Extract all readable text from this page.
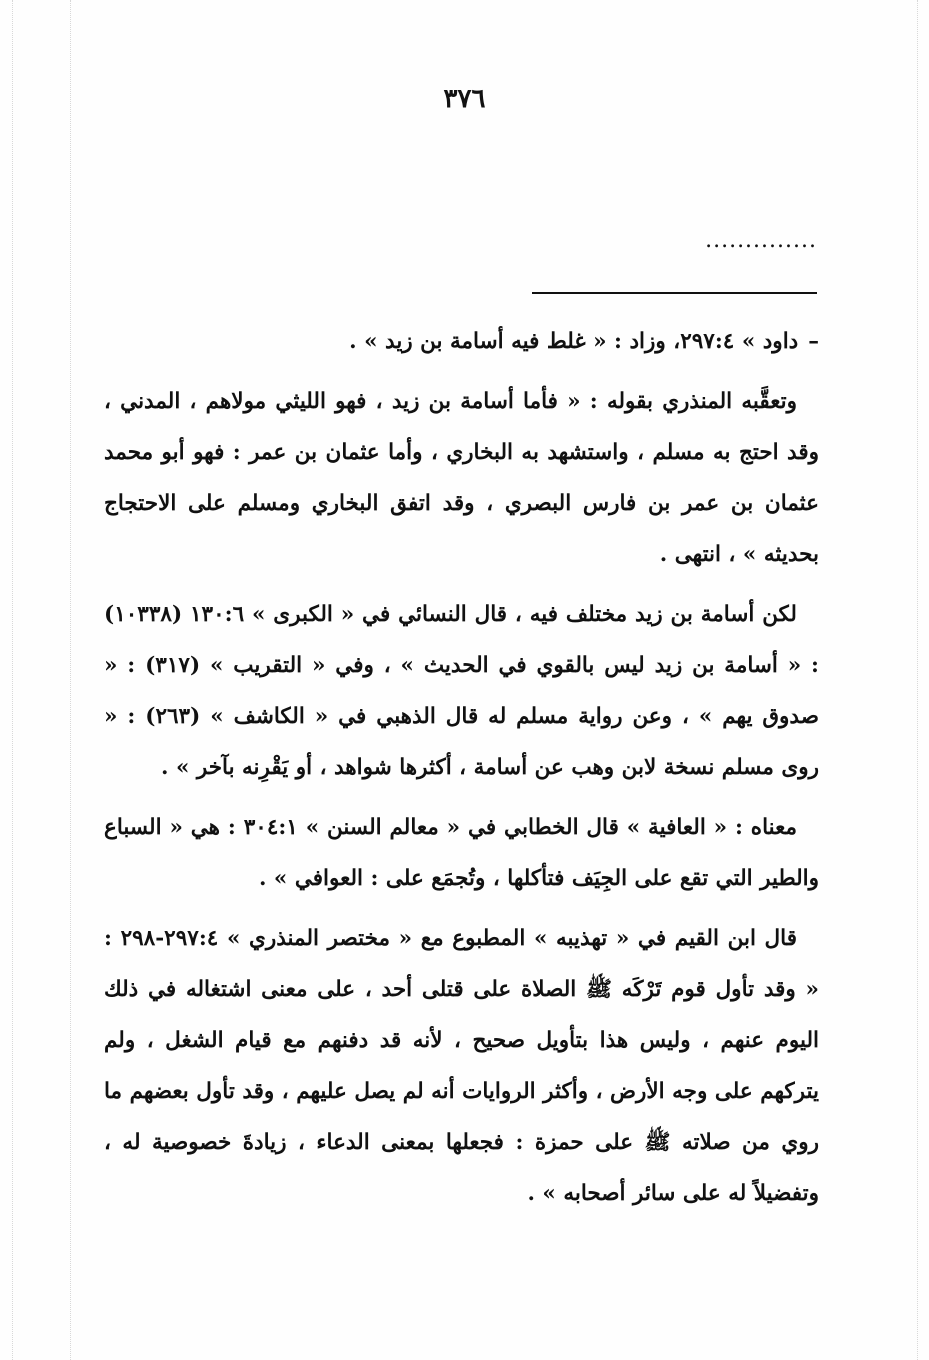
٣٧٦
..............

–داود » ٢٩٧:٤، وزاد : « غلط فيه أسامة بن زيد » .

وتعقَّبه المنذري بقوله : « فأما أسامة بن زيد ، فهو الليثي مولاهم ، المدني ، وقد احتج به مسلم ، واستشهد به البخاري ، وأما عثمان بن عمر : فهو أبو محمد عثمان بن عمر بن فارس البصري ، وقد اتفق البخاري ومسلم على الاحتجاج بحديثه » ، انتهى .

لكن أسامة بن زيد مختلف فيه ، قال النسائي في « الكبرى » ١٣٠:٦ (١٠٣٣٨) : « أسامة بن زيد ليس بالقوي في الحديث » ، وفي « التقريب » (٣١٧) : « صدوق يهم » ، وعن رواية مسلم له قال الذهبي في « الكاشف » (٢٦٣) : « روى مسلم نسخة لابن وهب عن أسامة ، أكثرها شواهد ، أو يَقْرِنه بآخر » .

معناه : « العافية » قال الخطابي في « معالم السنن » ٣٠٤:١ : هي « السباع والطير التي تقع على الجِيَف فتأكلها ، وتُجمَع على : العوافي » .

قال ابن القيم في « تهذيبه » المطبوع مع « مختصر المنذري » ٢٩٧:٤-٢٩٨ : « وقد تأول قوم تَرْكَه ﷺ الصلاة على قتلى أحد ، على معنى اشتغاله في ذلك اليوم عنهم ، وليس هذا بتأويل صحيح ، لأنه قد دفنهم مع قيام الشغل ، ولم يتركهم على وجه الأرض ، وأكثر الروايات أنه لم يصل عليهم ، وقد تأول بعضهم ما روي من صلاته ﷺ على حمزة : فجعلها بمعنى الدعاء ، زيادةَ خصوصية له ، وتفضيلاً له على سائر أصحابه » .
